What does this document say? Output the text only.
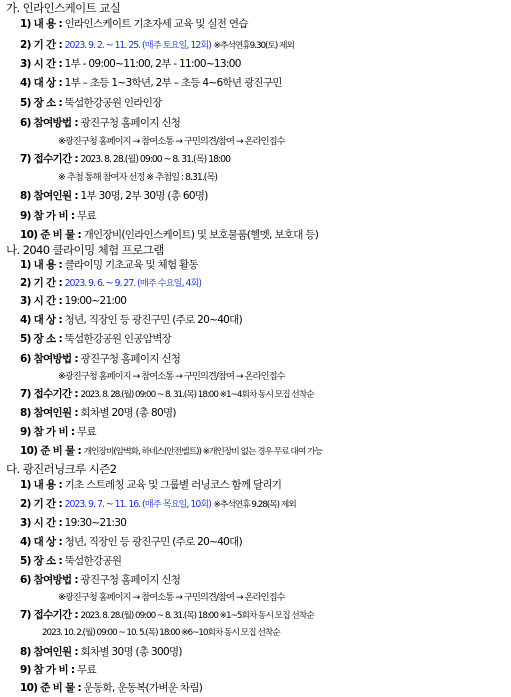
가. 인라인스케이트 교실
1) 내 용 : 인라인스케이트 기초자세 교육 및 실전 연습
2) 기 간 : 2023. 9. 2. ~ 11. 25. (매주 토요일, 12회) ※추석연휴9.30(토) 제외
3) 시 간 : 1부 - 09:00~11:00, 2부 - 11:00~13:00
4) 대 상 : 1부 – 초등 1~3학년, 2부 – 초등 4~6학년 광진구민
5) 장 소 : 뚝섬한강공원 인라인장
6) 참여방법 : 광진구청 홈페이지 신청
※광진구청 홈페이지 → 참여소통 → 구민의견/참여 → 온라인접수
7) 접수기간 : 2023. 8. 28.(월) 09:00 ~ 8. 31.(목) 18:00
※ 추첨 통해 참여자 선정 ※ 추첨일 : 8.31.(목)
8) 참여인원 : 1부 30명, 2부 30명 (총 60명)
9) 참 가 비 : 무료
10) 준 비 물 : 개인장비(인라인스케이트) 및 보호물품(헬멧, 보호대 등)
나. 2040 클라이밍 체험 프로그램
1) 내 용 : 클라이밍 기초교육 및 체험 활동
2) 기 간 : 2023. 9. 6. ~ 9. 27. (매주 수요일, 4회)
3) 시 간 : 19:00~21:00
4) 대 상 : 청년, 직장인 등 광진구민 (주로 20~40대)
5) 장 소 : 뚝섬한강공원 인공암벽장
6) 참여방법 : 광진구청 홈페이지 신청
※광진구청 홈페이지 → 참여소통 → 구민의견/참여 → 온라인접수
7) 접수기간 : 2023. 8. 28.(월) 09:00 ~ 8. 31.(목) 18:00 ※1~4회차 동시 모집 선착순
8) 참여인원 : 회차별 20명 (총 80명)
9) 참 가 비 : 무료
10) 준 비 물 : 개인장비(암벽화, 하네스(안전벨트)) ※개인장비 없는 경우 무료 대여 가능
다. 광진러닝크루 시즌2
1) 내 용 : 기초 스트레칭 교육 및 그룹별 러닝코스 함께 달리기
2) 기 간 : 2023. 9. 7. ~ 11. 16. (매주 목요일, 10회) ※추석연휴 9.28(목) 제외
3) 시 간 : 19:30~21:30
4) 대 상 : 청년, 직장인 등 광진구민 (주로 20~40대)
5) 장 소 : 뚝섬한강공원
6) 참여방법 : 광진구청 홈페이지 신청
※광진구청 홈페이지 → 참여소통 → 구민의견/참여 → 온라인접수
7) 접수기간 : 2023. 8. 28.(월) 09:00 ~ 8. 31.(목) 18:00 ※1~5회차 동시 모집 선착순
2023. 10. 2.(월) 09:00 ~ 10. 5.(목) 18:00 ※6~10회차 동시 모집 선착순
8) 참여인원 : 회차별 30명 (총 300명)
9) 참 가 비 : 무료
10) 준 비 물 : 운동화, 운동복(가벼운 차림)
